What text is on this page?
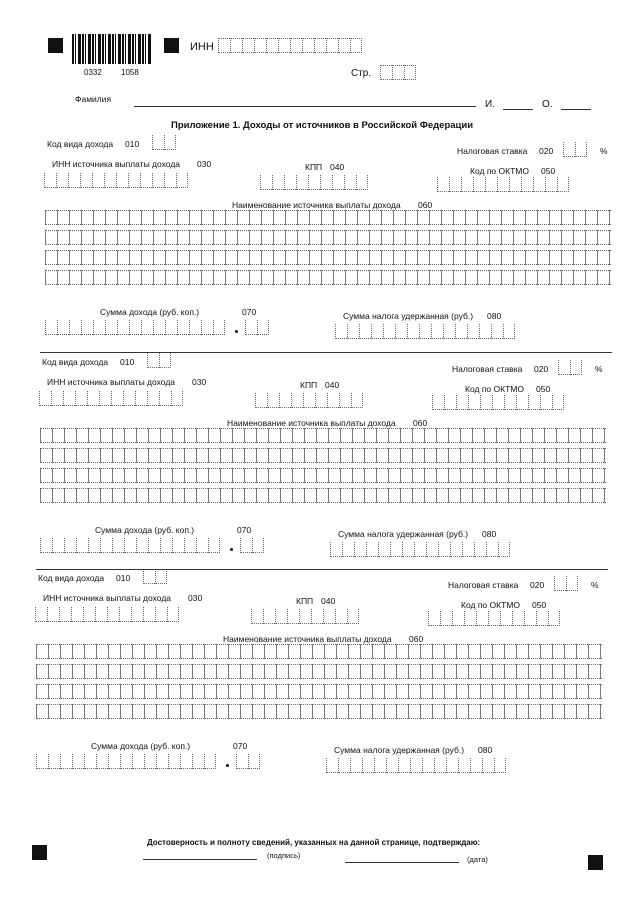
0332 1058
ИНН
Стр.
Фамилия	И.	О.
Приложение 1. Доходы от источников в Российской Федерации
Код вида дохода 010
Налоговая ставка 020	%
ИНН источника выплаты дохода 030	КПП 040	Код по ОКТМО 050
Наименование источника выплаты дохода 060
Сумма дохода (руб. коп.)	070	Сумма налога удержанная (руб.) 080
Код вида дохода 010
Налоговая ставка 020	%
ИНН источника выплаты дохода 030	КПП 040	Код по ОКТМО 050
Наименование источника выплаты дохода 060
Сумма дохода (руб. коп.)	070	Сумма налога удержанная (руб.) 080
Код вида дохода 010
Налоговая ставка 020	%
ИНН источника выплаты дохода 030	КПП 040	Код по ОКТМО 050
Наименование источника выплаты дохода 060
Сумма дохода (руб. коп.)	070	Сумма налога удержанная (руб.) 080
Достоверность и полноту сведений, указанных на данной странице, подтверждаю:
(подпись)	(дата)
